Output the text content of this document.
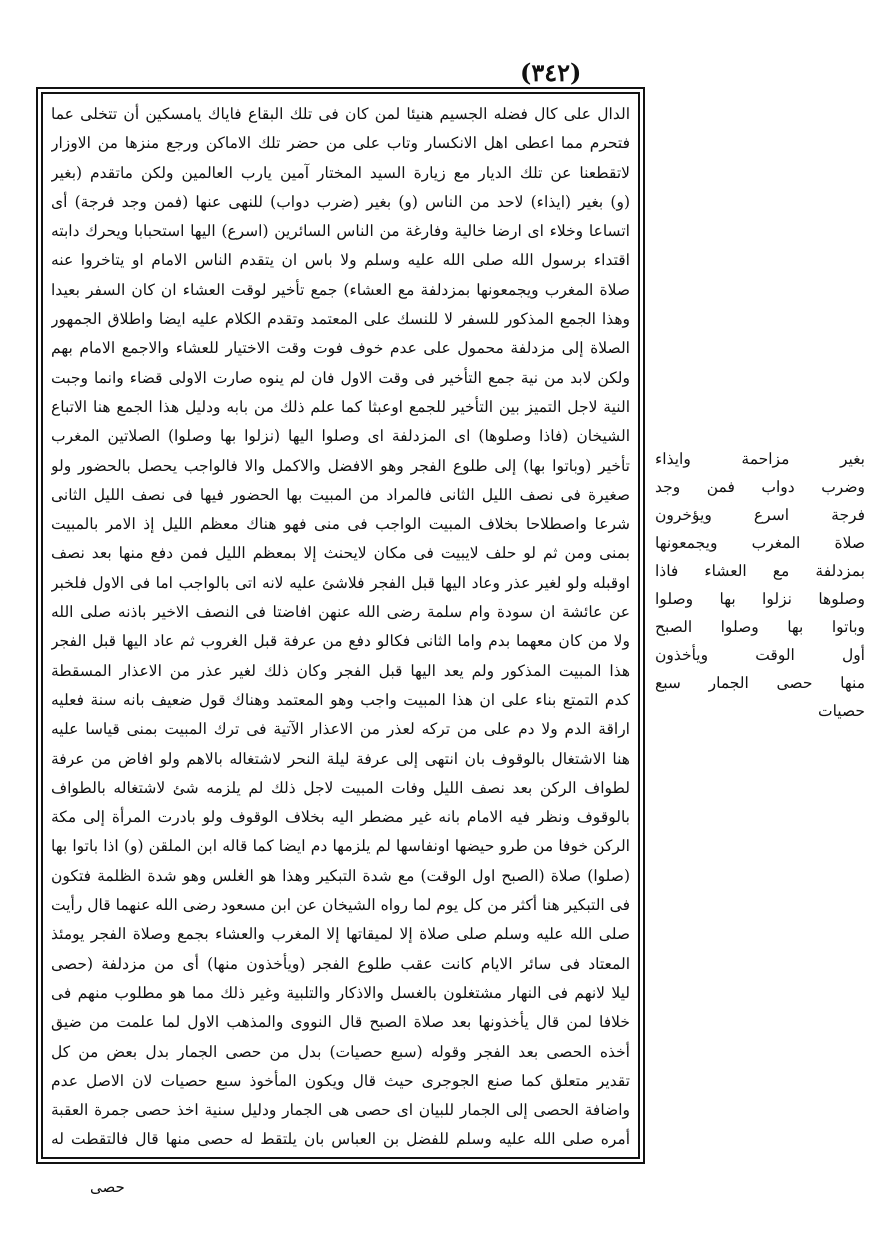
(٣٤٢)
الدال على كال فضله الجسيم هنيئا لمن كان فى تلك البقاع فاياك يامسكين أن تتخلى عما
فتحرم مما اعطى اهل الانكسار وتاب على من حضر تلك الاماكن ورجع منزها من الاوزار
لاتقطعنا عن تلك الديار مع زيارة السيد المختار آمين يارب العالمين ولكن ماتقدم (بغير
(و) بغير (ايذاء) لاحد من الناس (و) بغير (ضرب دواب) للنهى عنها (فمن وجد فرجة) أى
اتساعا وخلاء اى ارضا خالية وفارغة من الناس السائرين (اسرع) اليها استحبابا ويحرك دابته
اقتداء برسول الله صلى الله عليه وسلم ولا باس ان يتقدم الناس الامام او يتاخروا عنه
صلاة المغرب ويجمعونها بمزدلفة مع العشاء) جمع تأخير لوقت العشاء ان كان السفر بعيدا
وهذا الجمع المذكور للسفر لا للنسك على المعتمد وتقدم الكلام عليه ايضا واطلاق الجمهور
الصلاة إلى مزدلفة محمول على عدم خوف فوت وقت الاختيار للعشاء والاجمع الامام بهم
ولكن لابد من نية جمع التأخير فى وقت الاول فان لم ينوه صارت الاولى قضاء وانما وجبت
النية لاجل التميز بين التأخير للجمع اوعبثا كما علم ذلك من بابه ودليل هذا الجمع هنا الاتباع
الشيخان (فاذا وصلوها) اى المزدلفة اى وصلوا اليها (نزلوا بها وصلوا) الصلاتين المغرب
تأخير (وباتوا بها) إلى طلوع الفجر وهو الافضل والاكمل والا فالواجب يحصل بالحضور ولو
صغيرة فى نصف الليل الثانى فالمراد من المبيت بها الحضور فيها فى نصف الليل الثانى
شرعا واصطلاحا بخلاف المبيت الواجب فى منى فهو هناك معظم الليل إذ الامر بالمبيت
بمنى ومن ثم لو حلف لايبيت فى مكان لايحنث إلا بمعظم الليل فمن دفع منها بعد نصف
اوقبله ولو لغير عذر وعاد اليها قبل الفجر فلاشئ عليه لانه اتى بالواجب اما فى الاول فلخبر
عن عائشة ان سودة وام سلمة رضى الله عنهن افاضتا فى النصف الاخير باذنه صلى الله
ولا من كان معهما بدم واما الثانى فكالو دفع من عرفة قبل الغروب ثم عاد اليها قبل الفجر
هذا المبيت المذكور ولم يعد اليها قبل الفجر وكان ذلك لغير عذر من الاعذار المسقطة
كدم التمتع بناء على ان هذا المبيت واجب وهو المعتمد وهناك قول ضعيف بانه سنة فعليه
اراقة الدم ولا دم على من تركه لعذر من الاعذار الآتية فى ترك المبيت بمنى قياسا عليه
هنا الاشتغال بالوقوف بان انتهى إلى عرفة ليلة النحر لاشتغاله بالاهم ولو افاض من عرفة
لطواف الركن بعد نصف الليل وفات المبيت لاجل ذلك لم يلزمه شئ لاشتغاله بالطواف
بالوقوف ونظر فيه الامام بانه غير مضطر اليه بخلاف الوقوف ولو بادرت المرأة إلى مكة
الركن خوفا من طرو حيضها اونفاسها لم يلزمها دم ايضا كما قاله ابن الملقن (و) اذا باتوا بها
(صلوا) صلاة (الصبح اول الوقت) مع شدة التبكير وهذا هو الغلس وهو شدة الظلمة فتكون
فى التبكير هنا أكثر من كل يوم لما رواه الشيخان عن ابن مسعود رضى الله عنهما قال رأيت
صلى الله عليه وسلم صلى صلاة إلا لميقاتها إلا المغرب والعشاء بجمع وصلاة الفجر يومئذ
المعتاد فى سائر الايام كانت عقب طلوع الفجر (ويأخذون منها) أى من مزدلفة (حصى
ليلا لانهم فى النهار مشتغلون بالغسل والاذكار والتلبية وغير ذلك مما هو مطلوب منهم فى
خلافا لمن قال يأخذونها بعد صلاة الصبح قال النووى والمذهب الاول لما علمت من ضيق
أخذه الحصى بعد الفجر وقوله (سبع حصيات) بدل من حصى الجمار بدل بعض من كل
تقدير متعلق كما صنع الجوجرى حيث قال ويكون المأخوذ سبع حصيات لان الاصل عدم
واضافة الحصى إلى الجمار للبيان اى حصى هى الجمار ودليل سنية اخذ حصى جمرة العقبة
أمره صلى الله عليه وسلم للفضل بن العباس بان يلتقط له حصى منها قال فالتقطت له
بغير مزاحمة وايذاء
وضرب دواب فمن وجد
فرجة اسرع ويؤخرون
صلاة المغرب ويجمعونها
بمزدلفة مع العشاء فاذا
وصلوها نزلوا بها وصلوا
وباتوا بها وصلوا الصبح
أول الوقت ويأخذون
منها حصى الجمار سبع
حصيات
حصى
